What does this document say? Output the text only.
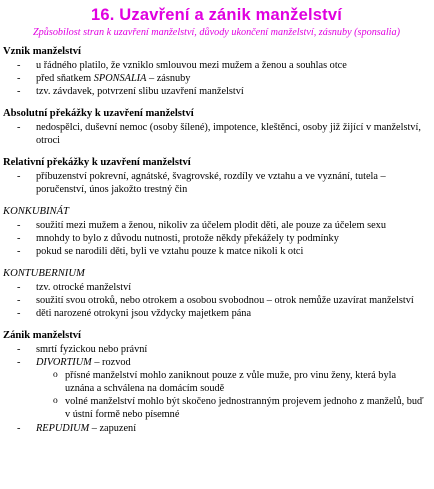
16. Uzavření a zánik manželství
Způsobilost stran k uzavření manželství, důvody ukončení manželství, zásnuby (sponsalia)
Vznik manželství
- u řádného platilo, že vzniklo smlouvou mezi mužem a ženou a souhlas otce
- před sňatkem SPONSALIA – zásnuby
- tzv. závdavek, potvrzení slibu uzavření manželství
Absolutní překážky k uzavření manželství
- nedospělci, duševní nemoc (osoby šílené), impotence, kleštěnci, osoby již žijící v manželství, otroci
Relativní překážky k uzavření manželství
- příbuzenství pokrevní, agnátské, švagrovské, rozdíly ve vztahu a ve vyznání, tutela – poručenství, únos jakožto trestný čin
KONKUBINÁT
- soužití mezi mužem a ženou, nikoliv za účelem plodit děti, ale pouze za účelem sexu
- mnohdy to bylo z důvodu nutnosti, protože někdy překážely ty podmínky
- pokud se narodili děti, byli ve vztahu pouze k matce nikoli k otci
KONTUBERNIUM
- tzv. otrocké manželství
- soužití svou otroků, nebo otrokem a osobou svobodnou – otrok nemůže uzavírat manželství
- děti narozené otrokyni jsou vždycky majetkem pána
Zánik manželství
- smrtí fyzickou nebo právní
- DIVORTIUM – rozvod
o přísné manželství mohlo zaniknout pouze z vůle muže, pro vinu ženy, která byla uznána a schválena na domácím soudě
o volné manželství mohlo být skočeno jednostranným projevem jednoho z manželů, buď v ústní formě nebo písemné
- REPUDIUM – zapuzení
